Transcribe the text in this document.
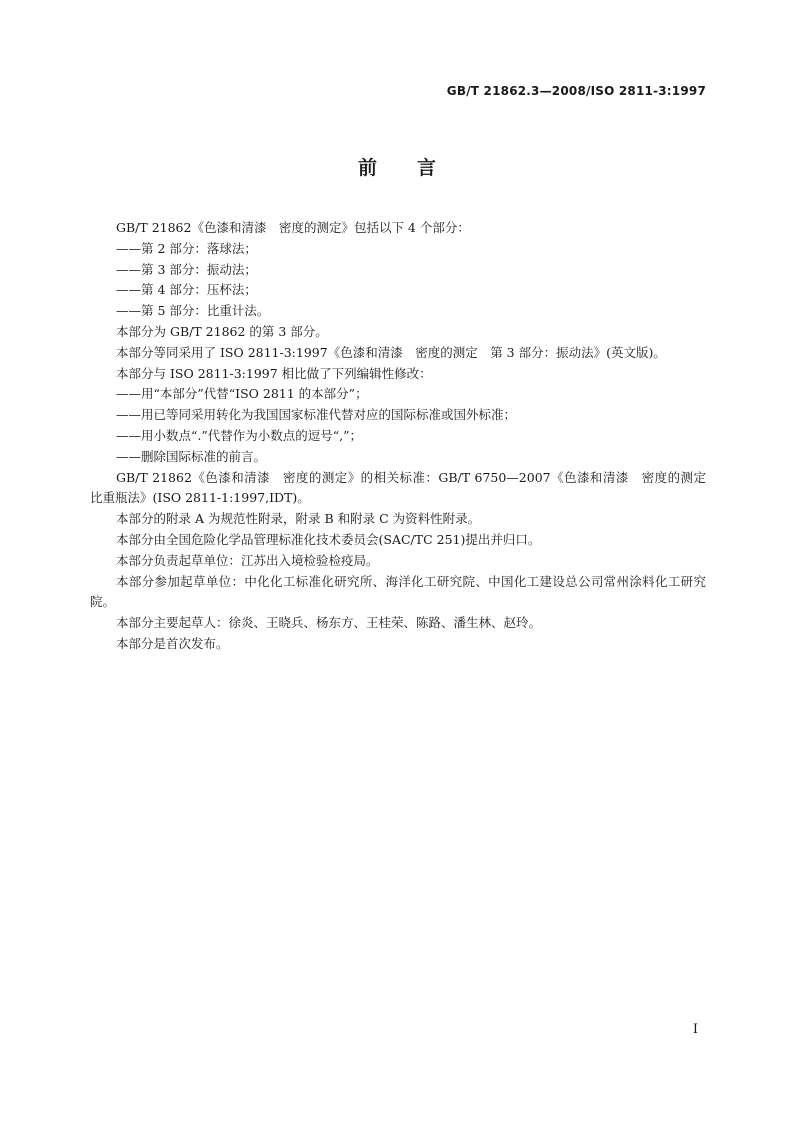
GB/T 21862.3—2008/ISO 2811-3:1997
前言

GB/T 21862《色漆和清漆　密度的测定》包括以下 4 个部分：

——第 2 部分：落球法；

——第 3 部分：振动法；

——第 4 部分：压杯法；

——第 5 部分：比重计法。

本部分为 GB/T 21862 的第 3 部分。

本部分等同采用了 ISO 2811-3:1997《色漆和清漆　密度的测定　第 3 部分：振动法》(英文版)。

本部分与 ISO 2811-3:1997 相比做了下列编辑性修改：

——用“本部分”代替“ISO 2811 的本部分”；

——用已等同采用转化为我国国家标准代替对应的国际标准或国外标准；

——用小数点“.”代替作为小数点的逗号“,”；

——删除国际标准的前言。

GB/T 21862《色漆和清漆　密度的测定》的相关标准：GB/T 6750—2007《色漆和清漆　密度的测定　比重瓶法》(ISO 2811-1:1997,IDT)。

本部分的附录 A 为规范性附录，附录 B 和附录 C 为资料性附录。

本部分由全国危险化学品管理标准化技术委员会(SAC/TC 251)提出并归口。

本部分负责起草单位：江苏出入境检验检疫局。

本部分参加起草单位：中化化工标准化研究所、海洋化工研究院、中国化工建设总公司常州涂料化工研究院。

本部分主要起草人：徐炎、王晓兵、杨东方、王桂荣、陈路、潘生林、赵玲。

本部分是首次发布。

I
